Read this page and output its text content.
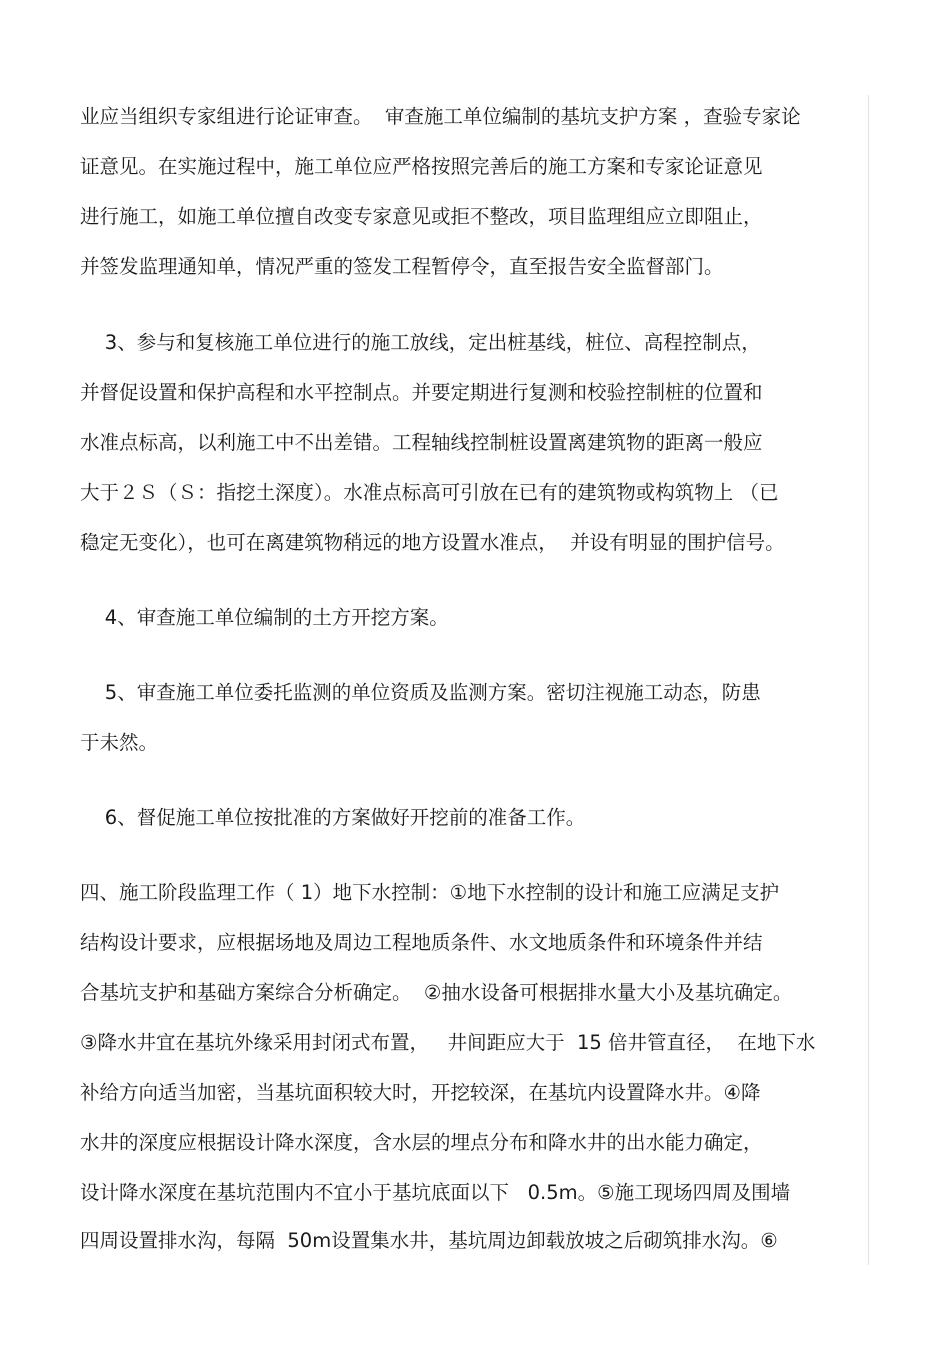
业应当组织专家组进行论证审查。  审查施工单位编制的基坑支护方案 ，查验专家论
证意见。在实施过程中，施工单位应严格按照完善后的施工方案和专家论证意见
进行施工，如施工单位擅自改变专家意见或拒不整改，项目监理组应立即阻止，
并签发监理通知单，情况严重的签发工程暂停令，直至报告安全监督部门。
3、参与和复核施工单位进行的施工放线，定出桩基线，桩位、高程控制点，
并督促设置和保护高程和水平控制点。并要定期进行复测和校验控制桩的位置和
水准点标高，以利施工中不出差错。工程轴线控制桩设置离建筑物的距离一般应
大于２Ｓ（Ｓ：指挖土深度）。水准点标高可引放在已有的建筑物或构筑物上 （已
稳定无变化），也可在离建筑物稍远的地方设置水准点，  并设有明显的围护信号。
4、审查施工单位编制的土方开挖方案。
5、审查施工单位委托监测的单位资质及监测方案。密切注视施工动态，防患
于未然。
6、督促施工单位按批准的方案做好开挖前的准备工作。
四、施工阶段监理工作（ 1）地下水控制：①地下水控制的设计和施工应满足支护
结构设计要求，应根据场地及周边工程地质条件、水文地质条件和环境条件并结
合基坑支护和基础方案综合分析确定。  ②抽水设备可根据排水量大小及基坑确定。
③降水井宜在基坑外缘采用封闭式布置，   井间距应大于  15 倍井管直径，  在地下水
补给方向适当加密，当基坑面积较大时，开挖较深，在基坑内设置降水井。④降
水井的深度应根据设计降水深度，含水层的埋点分布和降水井的出水能力确定，
设计降水深度在基坑范围内不宜小于基坑底面以下   0.5m。⑤施工现场四周及围墙
四周设置排水沟，每隔  50m设置集水井，基坑周边卸载放坡之后砌筑排水沟。⑥
